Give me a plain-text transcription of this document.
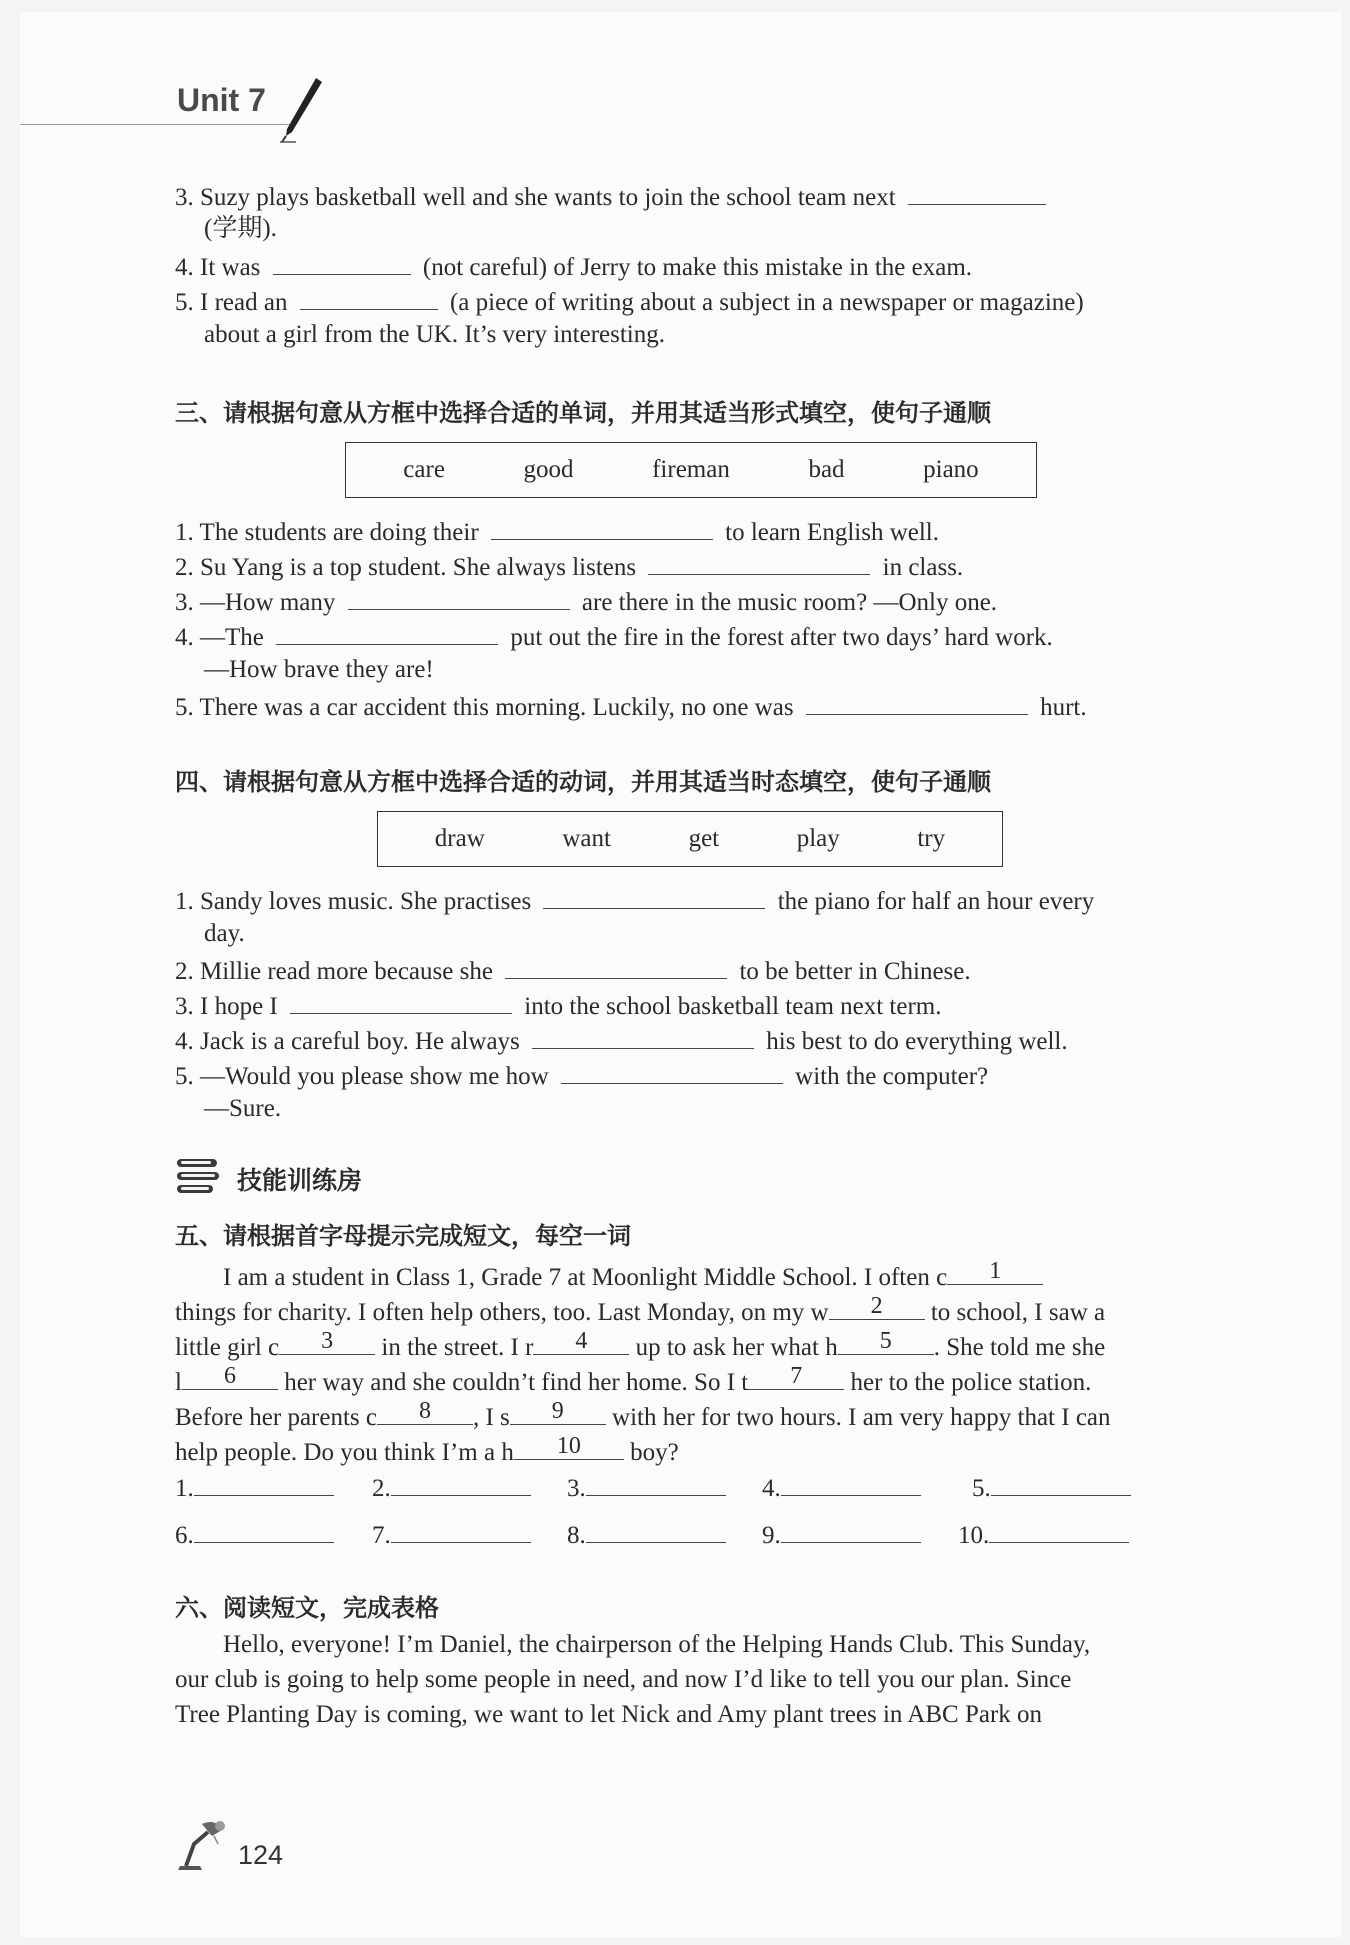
Unit 7
3. Suzy plays basketball well and she wants to join the school team next
(学期).
4. It was	(not careful) of Jerry to make this mistake in the exam.
5. I read an	(a piece of writing about a subject in a newspaper or magazine)
about a girl from the UK. It’s very interesting.
三、请根据句意从方框中选择合适的单词，并用其适当形式填空，使句子通顺
care	good	fireman	bad	piano
1. The students are doing their	to learn English well.
2. Su Yang is a top student. She always listens	in class.
3. —How many	are there in the music room? —Only one.
4. —The	put out the fire in the forest after two days’ hard work.
—How brave they are!
5. There was a car accident this morning. Luckily, no one was	hurt.
四、请根据句意从方框中选择合适的动词，并用其适当时态填空，使句子通顺
draw	want	get	play	try
1. Sandy loves music. She practises	the piano for half an hour every
day.
2. Millie read more because she	to be better in Chinese.
3. I hope I	into the school basketball team next term.
4. Jack is a careful boy. He always	his best to do everything well.
5. —Would you please show me how	with the computer?
—Sure.
技能训练房
五、请根据首字母提示完成短文，每空一词
I am a student in Class 1, Grade 7 at Moonlight Middle School. I often c	1
things for charity. I often help others, too. Last Monday, on my w	2	to school, I saw a
little girl c	3	in the street. I r	4	up to ask her what h	5	. She told me she
l	6	her way and she couldn’t find her home. So I t	7	her to the police station.
Before her parents c	8	, I s	9	with her for two hours. I am very happy that I can
help people. Do you think I’m a h	10	boy?
1.	2.	3.	4.	5.
6.	7.	8.	9.	10.
六、阅读短文，完成表格
Hello, everyone! I’m Daniel, the chairperson of the Helping Hands Club. This Sunday,
our club is going to help some people in need, and now I’d like to tell you our plan. Since
Tree Planting Day is coming, we want to let Nick and Amy plant trees in ABC Park on
124
